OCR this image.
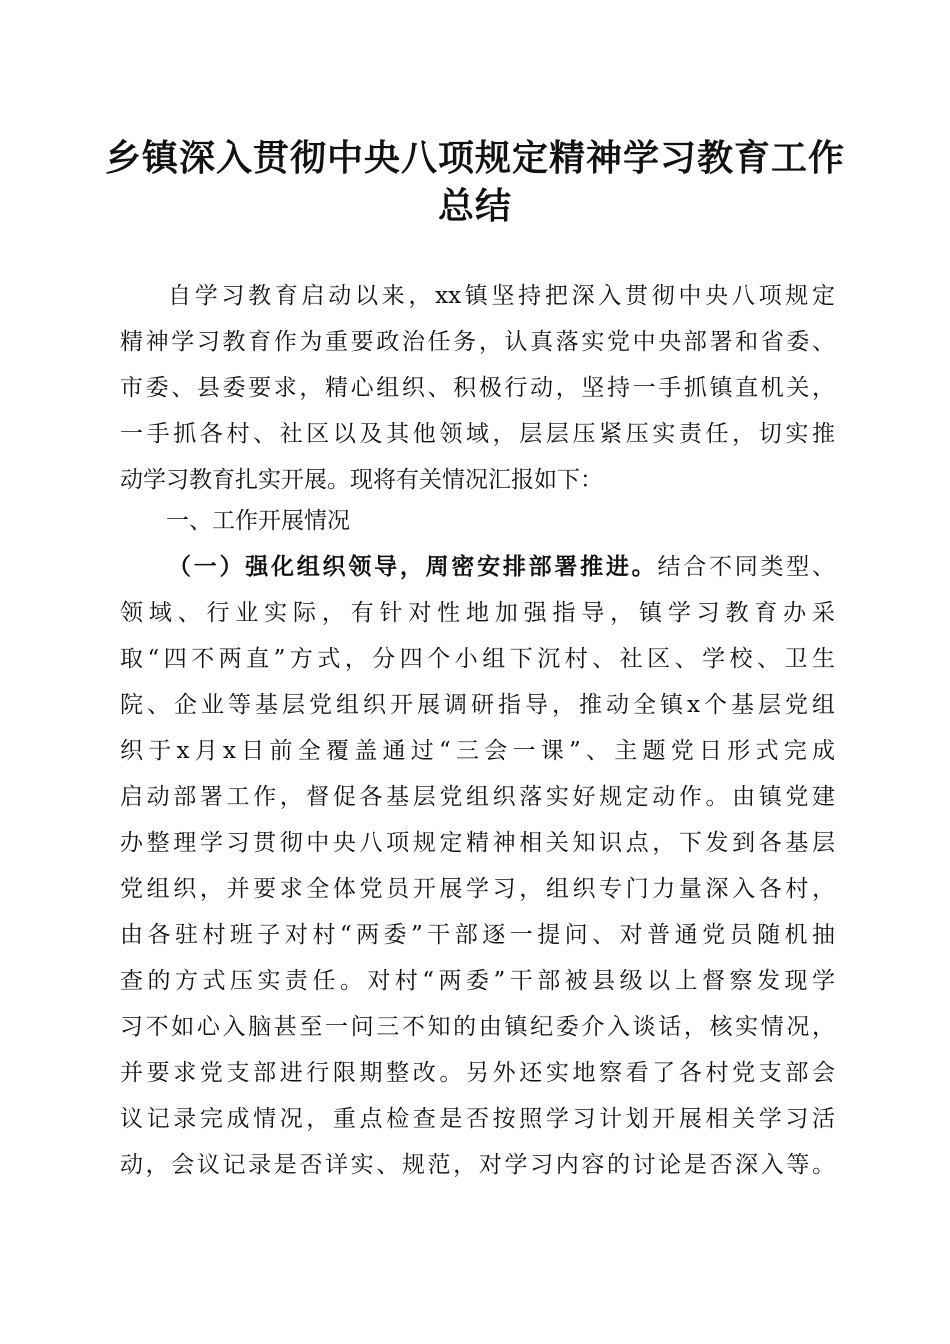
乡镇深入贯彻中央八项规定精神学习教育工作
总结

自学习教育启动以来，xx镇坚持把深入贯彻中央八项规定

精神学习教育作为重要政治任务，认真落实党中央部署和省委、

市委、县委要求，精心组织、积极行动，坚持一手抓镇直机关，

一手抓各村、社区以及其他领域，层层压紧压实责任，切实推

动学习教育扎实开展。现将有关情况汇报如下：

一、工作开展情况

（一）强化组织领导，周密安排部署推进。结合不同类型、

领域、行业实际，有针对性地加强指导，镇学习教育办采

取“四不两直”方式，分四个小组下沉村、社区、学校、卫生

院、企业等基层党组织开展调研指导，推动全镇x个基层党组

织于x月x日前全覆盖通过“三会一课”、主题党日形式完成

启动部署工作，督促各基层党组织落实好规定动作。由镇党建

办整理学习贯彻中央八项规定精神相关知识点，下发到各基层

党组织，并要求全体党员开展学习，组织专门力量深入各村，

由各驻村班子对村“两委”干部逐一提问、对普通党员随机抽

查的方式压实责任。对村“两委”干部被县级以上督察发现学

习不如心入脑甚至一问三不知的由镇纪委介入谈话，核实情况，

并要求党支部进行限期整改。另外还实地察看了各村党支部会

议记录完成情况，重点检查是否按照学习计划开展相关学习活

动，会议记录是否详实、规范，对学习内容的讨论是否深入等。
